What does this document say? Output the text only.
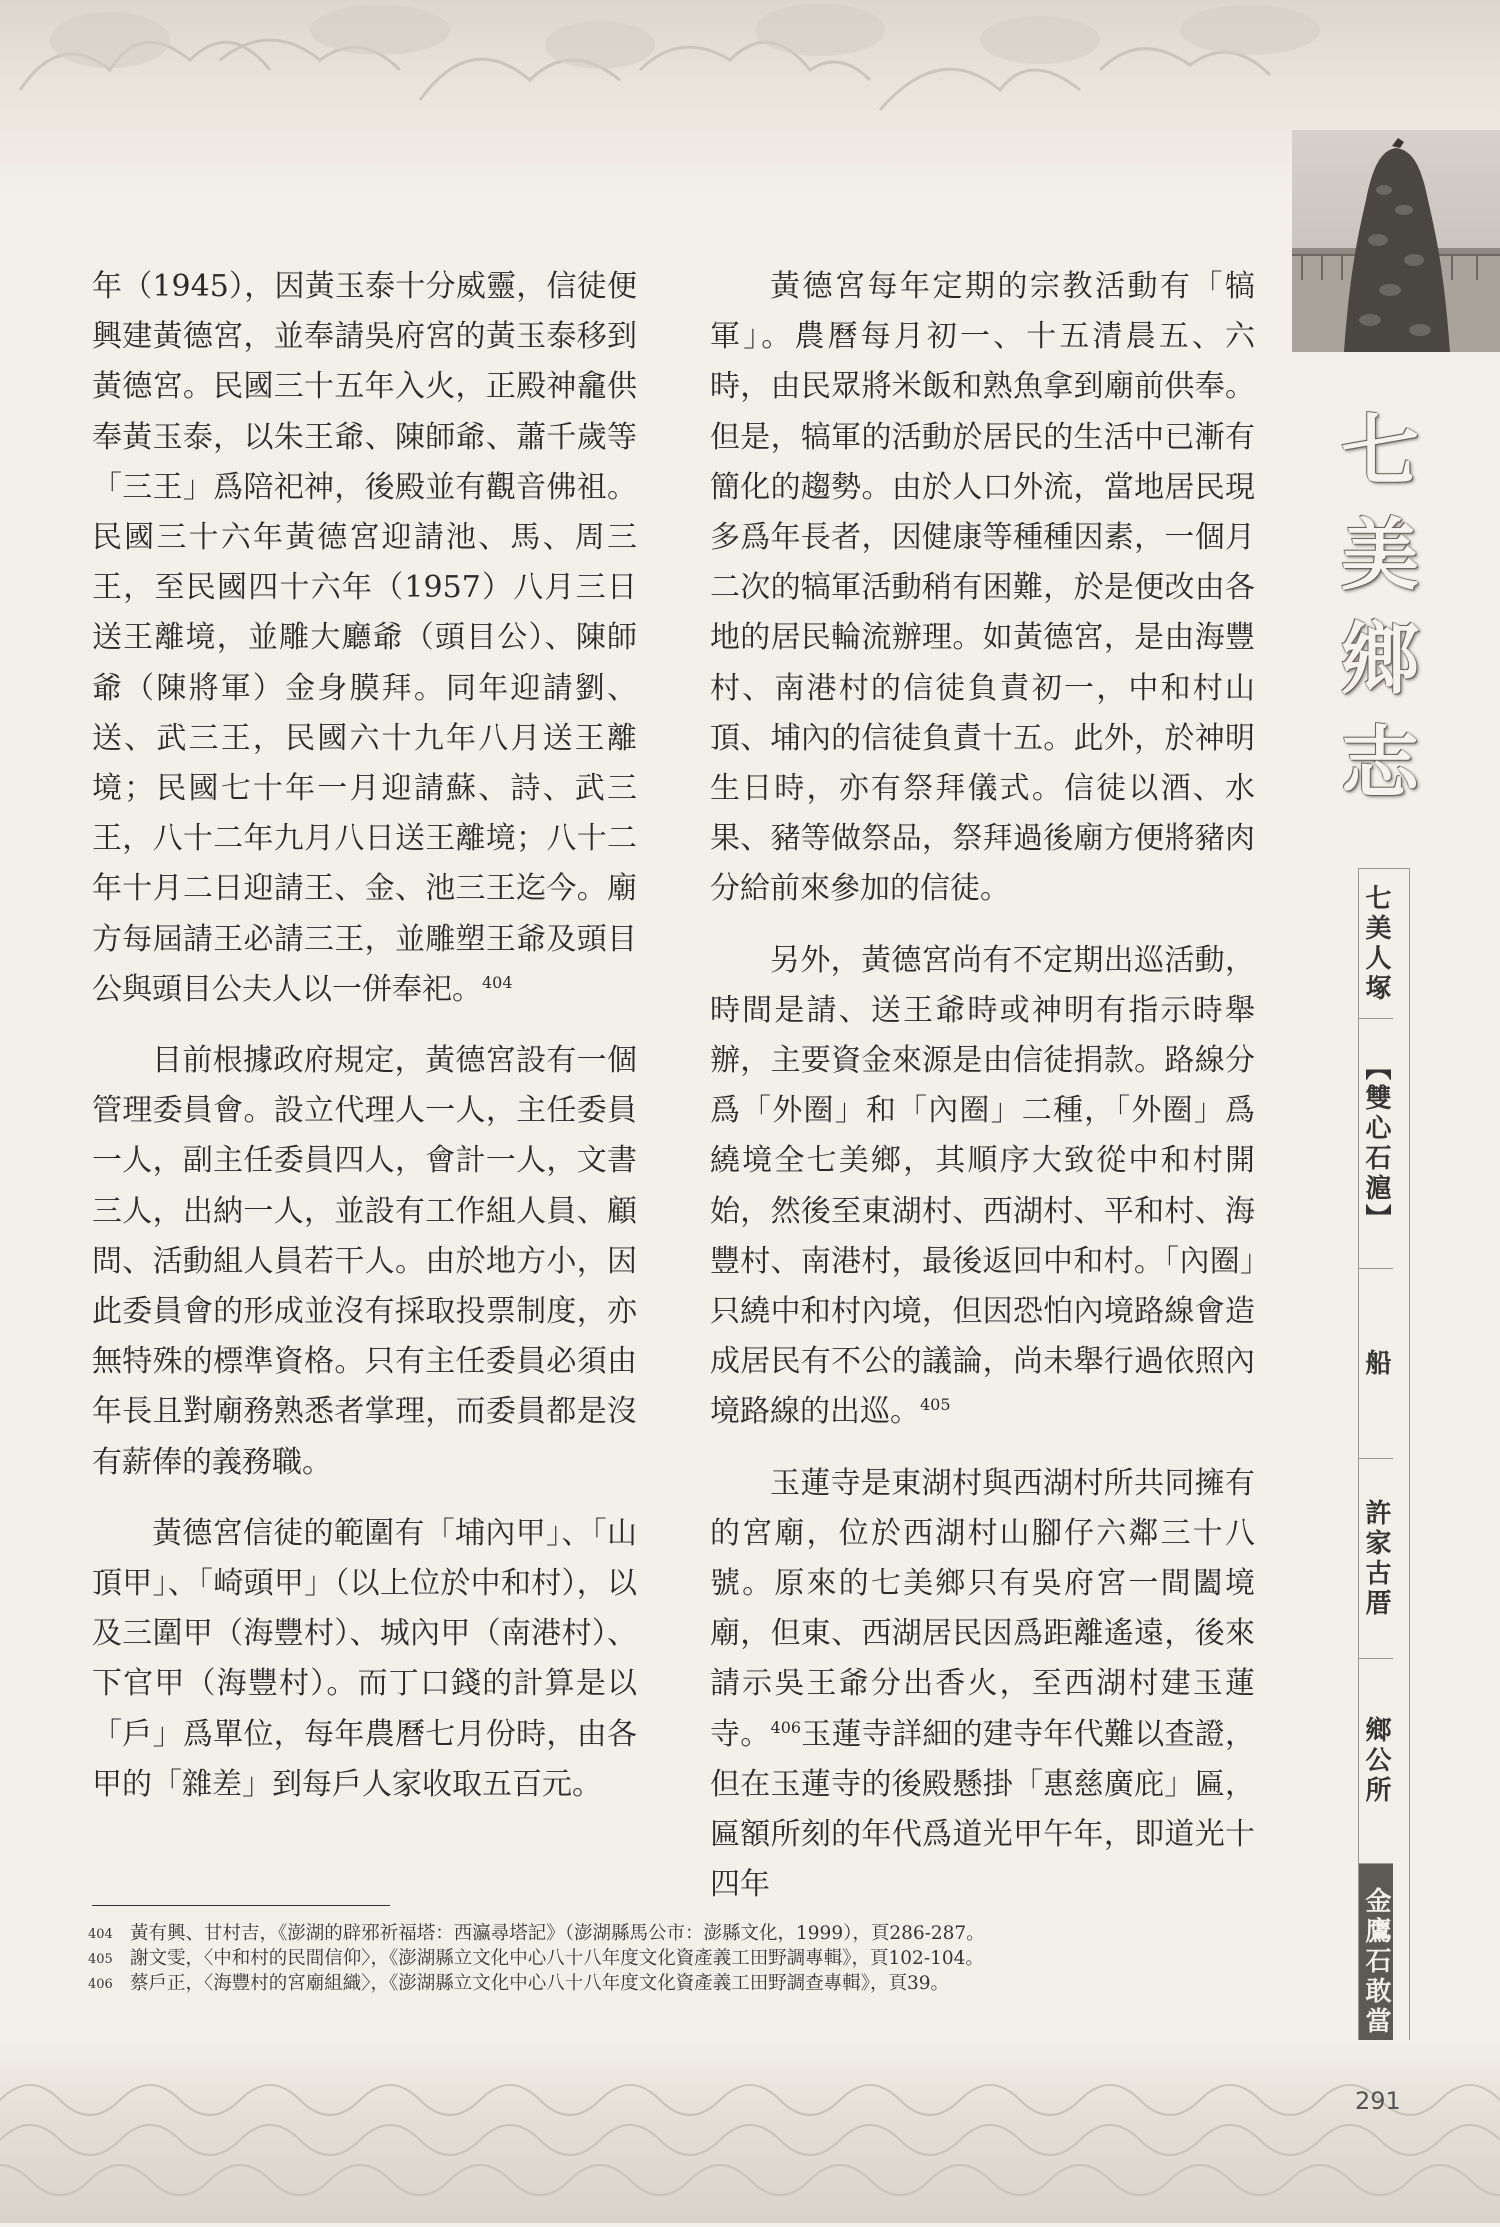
七
美
鄉
志
七美人塚
【雙心石滬】
船
許家古厝
鄉公所
金鷹石敢當

年（1945），因黃玉泰十分威靈，信徒便興建黃德宮，並奉請吳府宮的黃玉泰移到黃德宮。民國三十五年入火，正殿神龕供奉黃玉泰，以朱王爺、陳師爺、蕭千歲等「三王」爲陪祀神，後殿並有觀音佛祖。民國三十六年黃德宮迎請池、馬、周三王，至民國四十六年（1957）八月三日送王離境，並雕大廳爺（頭目公）、陳師爺（陳將軍）金身膜拜。同年迎請劉、送、武三王，民國六十九年八月送王離境；民國七十年一月迎請蘇、詩、武三王，八十二年九月八日送王離境；八十二年十月二日迎請王、金、池三王迄今。廟方每屆請王必請三王，並雕塑王爺及頭目公與頭目公夫人以一併奉祀。$^{404}$

目前根據政府規定，黃德宮設有一個管理委員會。設立代理人一人，主任委員一人，副主任委員四人，會計一人，文書三人，出納一人，並設有工作組人員、顧問、活動組人員若干人。由於地方小，因此委員會的形成並沒有採取投票制度，亦無特殊的標準資格。只有主任委員必須由年長且對廟務熟悉者掌理，而委員都是沒有薪俸的義務職。

黃德宮信徒的範圍有「埔內甲」、「山頂甲」、「崎頭甲」（以上位於中和村），以及三圍甲（海豐村）、城內甲（南港村）、下官甲（海豐村）。而丁口錢的計算是以「戶」爲單位，每年農曆七月份時，由各甲的「雜差」到每戶人家收取五百元。

黃德宮每年定期的宗教活動有「犒軍」。農曆每月初一、十五清晨五、六時，由民眾將米飯和熟魚拿到廟前供奉。但是，犒軍的活動於居民的生活中已漸有簡化的趨勢。由於人口外流，當地居民現多爲年長者，因健康等種種因素，一個月二次的犒軍活動稍有困難，於是便改由各地的居民輪流辦理。如黃德宮，是由海豐村、南港村的信徒負責初一，中和村山頂、埔內的信徒負責十五。此外，於神明生日時，亦有祭拜儀式。信徒以酒、水果、豬等做祭品，祭拜過後廟方便將豬肉分給前來參加的信徒。

另外，黃德宮尚有不定期出巡活動，時間是請、送王爺時或神明有指示時舉辦，主要資金來源是由信徒捐款。路線分爲「外圈」和「內圈」二種，「外圈」爲繞境全七美鄉，其順序大致從中和村開始，然後至東湖村、西湖村、平和村、海豐村、南港村，最後返回中和村。「內圈」只繞中和村內境，但因恐怕內境路線會造成居民有不公的議論，尚未舉行過依照內境路線的出巡。$^{405}$

玉蓮寺是東湖村與西湖村所共同擁有的宮廟，位於西湖村山腳仔六鄰三十八號。原來的七美鄉只有吳府宮一間闔境廟，但東、西湖居民因爲距離遙遠，後來請示吳王爺分出香火，至西湖村建玉蓮寺。$^{406}$玉蓮寺詳細的建寺年代難以查證，但在玉蓮寺的後殿懸掛「惠慈廣庇」匾，匾額所刻的年代爲道光甲午年，即道光十四年

404 黃有興、甘村吉，《澎湖的辟邪祈福塔：西瀛尋塔記》（澎湖縣馬公市：澎縣文化，1999），頁286-287。
405 謝文雯，〈中和村的民間信仰〉，《澎湖縣立文化中心八十八年度文化資產義工田野調專輯》，頁102-104。
406 蔡戶正，〈海豐村的宮廟組織〉，《澎湖縣立文化中心八十八年度文化資產義工田野調查專輯》，頁39。
291
